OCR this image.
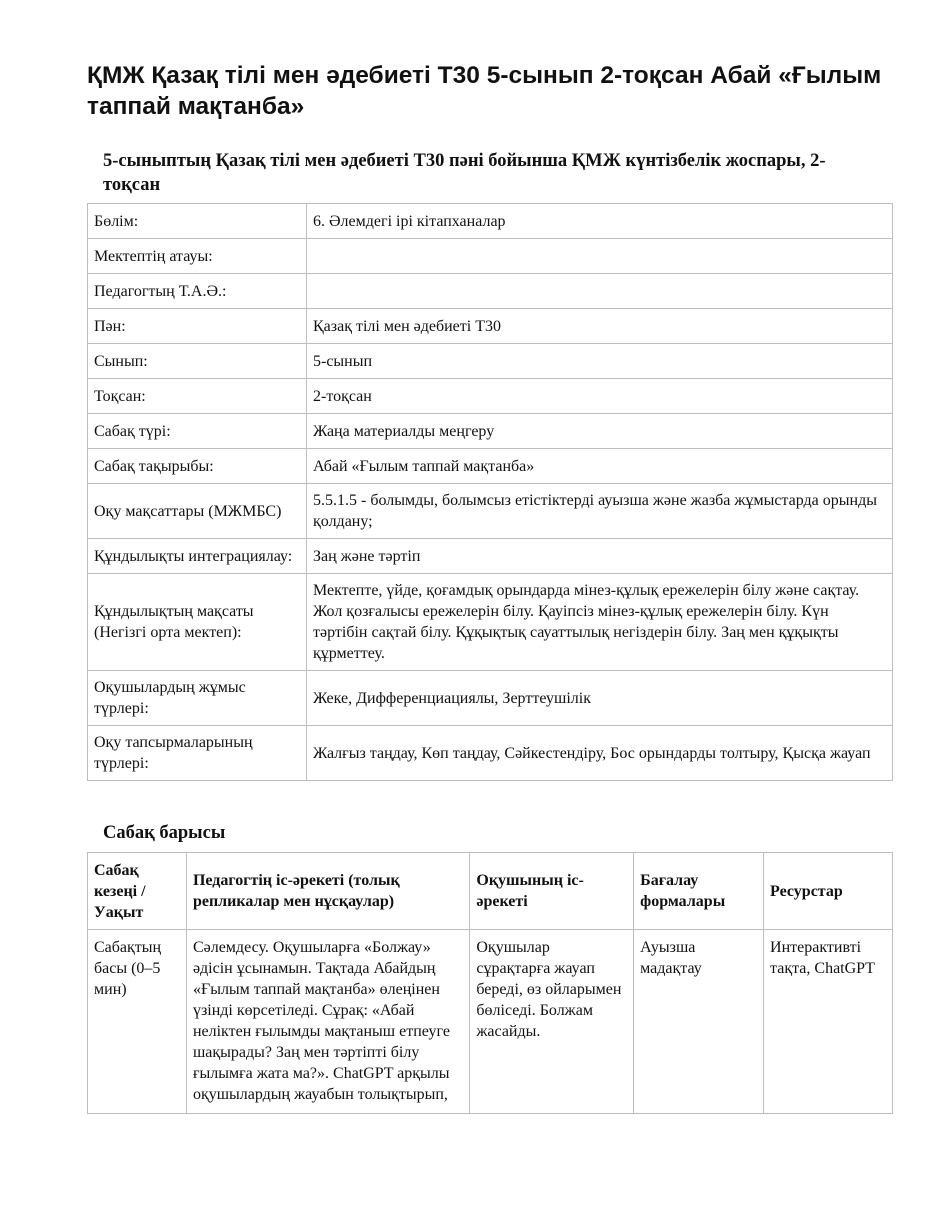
ҚМЖ Қазақ тілі мен әдебиеті Т30 5-сынып 2-тоқсан Абай «Ғылым таппай мақтанба»
5-сыныптың Қазақ тілі мен әдебиеті Т30 пәні бойынша ҚМЖ күнтізбелік жоспары, 2-тоқсан
Бөлім:	6. Әлемдегі ірі кітапханалар
Мектептің атауы:	
Педагогтың Т.А.Ә.:	
Пән:	Қазақ тілі мен әдебиеті Т30
Сынып:	5-сынып
Тоқсан:	2-тоқсан
Сабақ түрі:	Жаңа материалды меңгеру
Сабақ тақырыбы:	Абай «Ғылым таппай мақтанба»
Оқу мақсаттары (МЖМБС)	5.5.1.5 - болымды, болымсыз етістіктерді ауызша және жазба жұмыстарда орынды қолдану;
Құндылықты интеграциялау:	Заң және тәртіп
Құндылықтың мақсаты (Негізгі орта мектеп):	Мектепте, үйде, қоғамдық орындарда мінез-құлық ережелерін білу және сақтау. Жол қозғалысы ережелерін білу. Қауіпсіз мінез-құлық ережелерін білу. Күн тәртібін сақтай білу. Құқықтық сауаттылық негіздерін білу. Заң мен құқықты құрметтеу.
Оқушылардың жұмыс түрлері:	Жеке, Дифференциациялы, Зерттеушілік
Оқу тапсырмаларының түрлері:	Жалғыз таңдау, Көп таңдау, Сәйкестендіру, Бос орындарды толтыру, Қысқа жауап
Сабақ барысы
Сабақ кезеңі / Уақыт	Педагогтің іс-әрекеті (толық репликалар мен нұсқаулар)	Оқушының іс-әрекеті	Бағалау формалары	Ресурстар
Сабақтың басы (0–5 мин)	Сәлемдесу. Оқушыларға «Болжау» әдісін ұсынамын. Тақтада Абайдың «Ғылым таппай мақтанба» өлеңінен үзінді көрсетіледі. Сұрақ: «Абай неліктен ғылымды мақтаныш етпеуге шақырады? Заң мен тәртіпті білу ғылымға жата ма?». ChatGPT арқылы оқушылардың жауабын толықтырып,	Оқушылар сұрақтарға жауап береді, өз ойларымен бөліседі. Болжам жасайды.	Ауызша мадақтау	Интерактивті тақта, ChatGPT
